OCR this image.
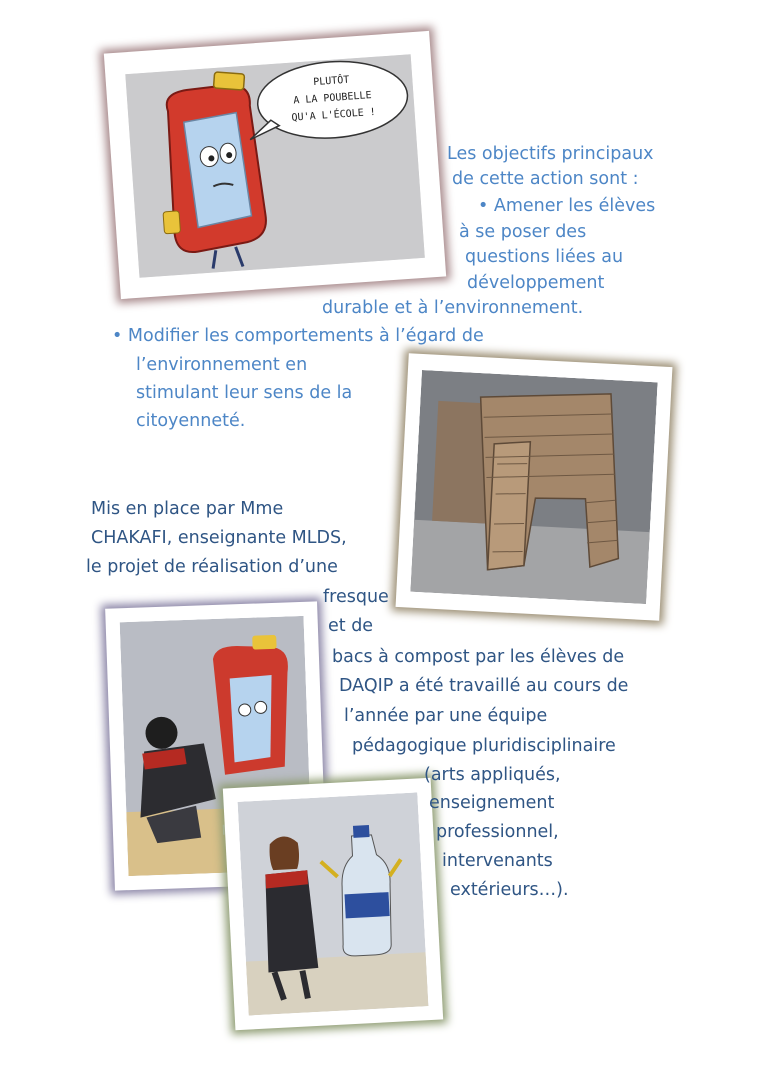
PLUTÔT
A LA POUBELLE
QU'A L'ÉCOLE !
Les objectifs principaux
de cette action sont :
• Amener les élèves
à se poser des
questions liées au
développement
durable et à l’environnement.
• Modifier les comportements à l’égard de
l’environnement en
stimulant leur sens de la
citoyenneté.
Mis en place par Mme
CHAKAFI, enseignante MLDS,
le projet de réalisation d’une
fresque
et de
bacs à compost par les élèves de
DAQIP a été travaillé au cours de
l’année par une équipe
pédagogique pluridisciplinaire
(arts appliqués,
enseignement
professionnel,
intervenants
extérieurs…).
